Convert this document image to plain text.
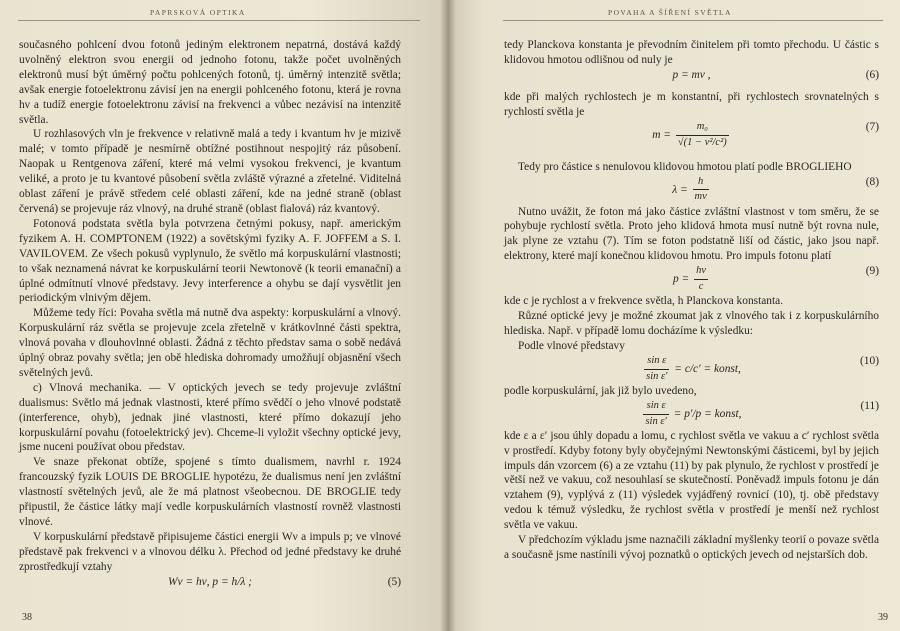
PAPRSKOVÁ OPTIKA

současného pohlcení dvou fotonů jediným elektronem nepatrná, dostává každý uvolněný elektron svou energii od jednoho fotonu, takže počet uvolněných elektronů musí být úměrný počtu pohlcených fotonů, tj. úměrný intenzitě světla; avšak energie fotoelektronu závisí jen na energii pohlceného fotonu, která je rovna hν a tudíž energie fotoelektronu závisí na frekvenci a vůbec nezávisí na intenzitě světla.

U rozhlasových vln je frekvence ν relativně malá a tedy i kvantum hν je mizivě malé; v tomto případě je nesmírně obtížné postihnout nespojitý ráz působení. Naopak u Rentgenova záření, které má velmi vysokou frekvenci, je kvantum veliké, a proto je tu kvantové působení světla zvláště výrazné a zřetelné. Viditelná oblast záření je právě středem celé oblasti záření, kde na jedné straně (oblast červená) se projevuje ráz vlnový, na druhé straně (oblast fialová) ráz kvantový.

Fotonová podstata světla byla potvrzena četnými pokusy, např. americkým fyzikem A. H. COMPTONEM (1922) a sovětskými fyziky A. F. JOFFEM a S. I. VAVILOVEM. Ze všech pokusů vyplynulo, že světlo má korpuskulární vlastnosti; to však neznamená návrat ke korpuskulární teorii Newtonově (k teorii emanační) a úplné odmítnutí vlnové představy. Jevy interference a ohybu se dají vysvětlit jen periodickým vlnivým dějem.

Můžeme tedy říci: Povaha světla má nutně dva aspekty: korpuskulární a vlnový. Korpuskulární ráz světla se projevuje zcela zřetelně v krátkovlnné části spektra, vlnová povaha v dlouhovlnné oblasti. Žádná z těchto představ sama o sobě nedává úplný obraz povahy světla; jen obě hlediska dohromady umožňují objasnění všech světelných jevů.

c) Vlnová mechanika. — V optických jevech se tedy projevuje zvláštní dualismus: Světlo má jednak vlastnosti, které přímo svědčí o jeho vlnové podstatě (interference, ohyb), jednak jiné vlastnosti, které přímo dokazují jeho korpuskulární povahu (fotoelektrický jev). Chceme-li vyložit všechny optické jevy, jsme nuceni používat obou představ.

Ve snaze překonat obtíže, spojené s tímto dualismem, navrhl r. 1924 francouzský fyzik LOUIS DE BROGLIE hypotézu, že dualismus není jen zvláštní vlastností světelných jevů, ale že má platnost všeobecnou. DE BROGLIE tedy připustil, že částice látky mají vedle korpuskulárních vlastností rovněž vlastnosti vlnové.

V korpuskulární představě připisujeme částici energii Wν a impuls p; ve vlnové představě pak frekvenci ν a vlnovou délku λ. Přechod od jedné představy ke druhé zprostředkují vztahy

Wν = hν, p = h/λ ;	(5)
38
POVAHA A ŠÍŘENÍ SVĚTLA

tedy Planckova konstanta je převodním činitelem při tomto přechodu. U částic s klidovou hmotou odlišnou od nuly je

p = mv ,	(6)

kde při malých rychlostech je m konstantní, při rychlostech srovnatelných s rychlostí světla je

$m = \frac{\text{m₀}}{\text{√(1 − v²/c²)}}$	(7)

Tedy pro částice s nenulovou klidovou hmotou platí podle BROGLIEHO

$\lambda = \frac{h}{mv}$	(8)

Nutno uvážit, že foton má jako částice zvláštní vlastnost v tom směru, že se pohybuje rychlostí světla. Proto jeho klidová hmota musí nutně být rovna nule, jak plyne ze vztahu (7). Tím se foton podstatně liší od částic, jako jsou např. elektrony, které mají konečnou klidovou hmotu. Pro impuls fotonu platí

$p = \frac{h\nu}{c}$	(9)

kde c je rychlost a ν frekvence světla, h Planckova konstanta.

Různé optické jevy je možné zkoumat jak z vlnového tak i z korpuskulárního hlediska. Např. v případě lomu docházíme k výsledku:

Podle vlnové představy

$\frac{\text{sin ε}}{\text{sin ε′}} = c/c'$ = konst,
(10)

podle korpuskulární, jak již bylo uvedeno,

$\frac{\text{sin ε}}{\text{sin ε′}} = p'/p$ = konst,
(11)

kde ε a ε′ jsou úhly dopadu a lomu, c rychlost světla ve vakuu a c′ rychlost světla v prostředí. Kdyby fotony byly obyčejnými Newtonskými částicemi, byl by jejich impuls dán vzorcem (6) a ze vztahu (11) by pak plynulo, že rychlost v prostředí je větší než ve vakuu, což nesouhlasí se skutečností. Poněvadž impuls fotonu je dán vztahem (9), vyplývá z (11) výsledek vyjádřený rovnicí (10), tj. obě představy vedou k témuž výsledku, že rychlost světla v prostředí je menší než rychlost světla ve vakuu.

V předchozím výkladu jsme naznačili základní myšlenky teorií o povaze světla a současně jsme nastínili vývoj poznatků o optických jevech od nejstarších dob.

39
